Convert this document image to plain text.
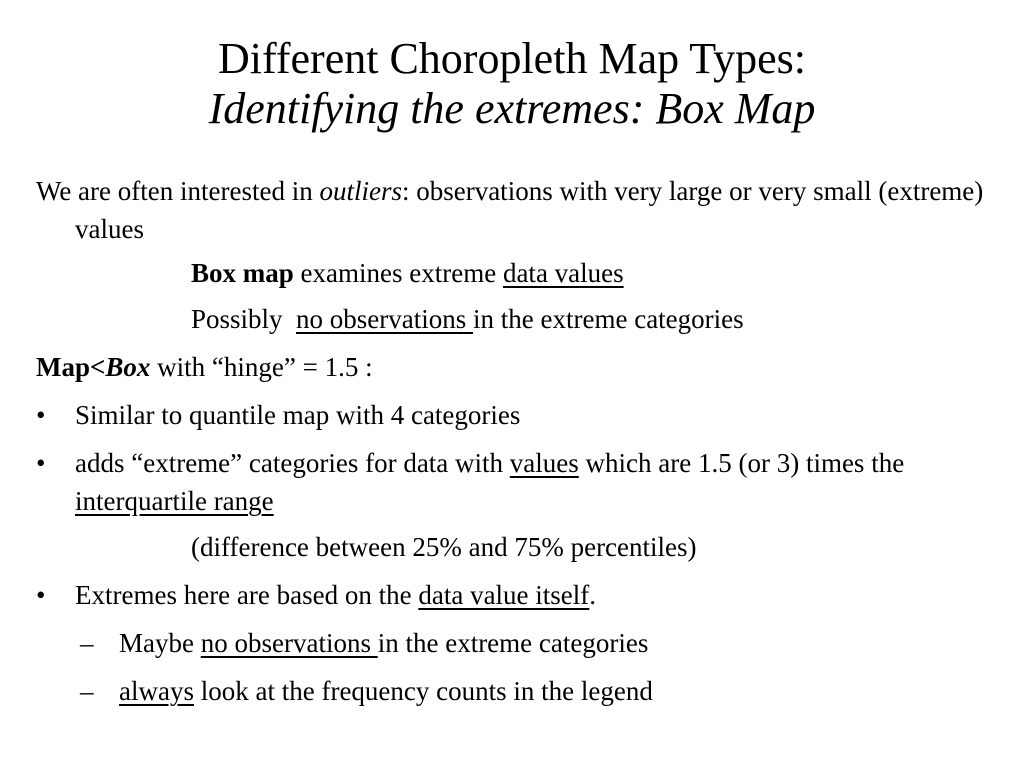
Different Choropleth Map Types:
Identifying the extremes: Box Map
We are often interested in outliers: observations with very large or very small (extreme) values
Box map examines extreme data values
Possibly  no observations in the extreme categories
Map<Box with “hinge” = 1.5 :
• Similar to quantile map with 4 categories
• adds “extreme” categories for data with values which are 1.5 (or 3) times the interquartile range
(difference between 25% and 75% percentiles)
• Extremes here are based on the data value itself.
– Maybe no observations in the extreme categories
– always look at the frequency counts in the legend
